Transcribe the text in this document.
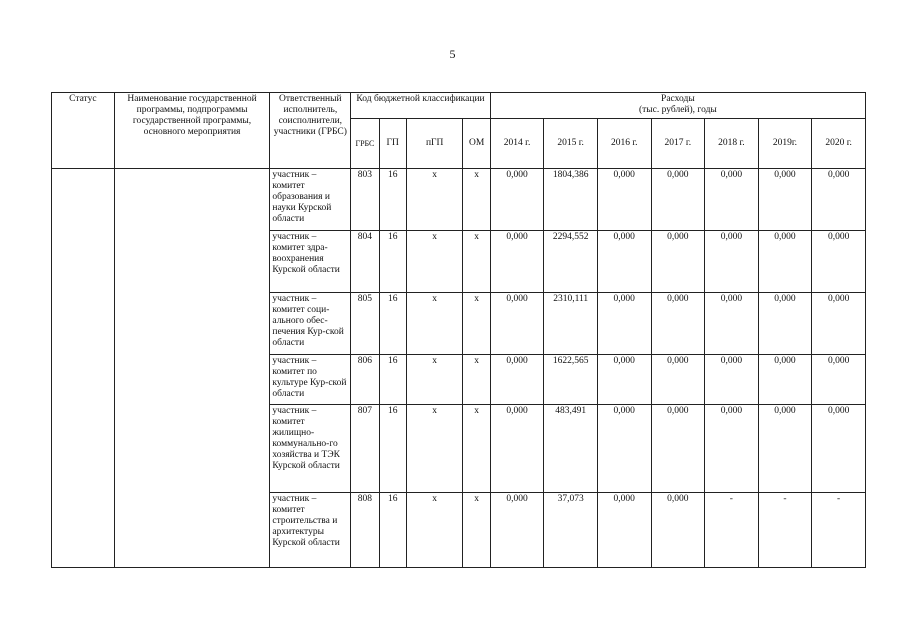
5
Статус	Наименование государственной программы, подпрограммы государственной программы, основного мероприятия	Ответственный исполнитель, соисполнители, участники (ГРБС)	Код бюджетной классификации				Расходы
(тыс. рублей), годы						
			ГРБС	ГП	пГП	ОМ	2014 г.	2015 г.	2016 г.	2017 г.	2018 г.	2019г.	2020 г.
		участник – комитет образования и науки Курской области	803	16	х	х	0,000	1804,386	0,000	0,000	0,000	0,000	0,000
		участник – комитет здра-воохранения Курской области	804	16	х	х	0,000	2294,552	0,000	0,000	0,000	0,000	0,000
		участник – комитет соци-ального обес-печения Кур-ской области	805	16	х	х	0,000	2310,111	0,000	0,000	0,000	0,000	0,000
		участник – комитет по культуре Кур-ской области	806	16	х	х	0,000	1622,565	0,000	0,000	0,000	0,000	0,000
		участник – комитет жилищно-коммунально-го хозяйства и ТЭК Курской области	807	16	х	х	0,000	483,491	0,000	0,000	0,000	0,000	0,000
		участник – комитет строительства и архитектуры Курской области	808	16	х	х	0,000	37,073	0,000	0,000	-	-	-
